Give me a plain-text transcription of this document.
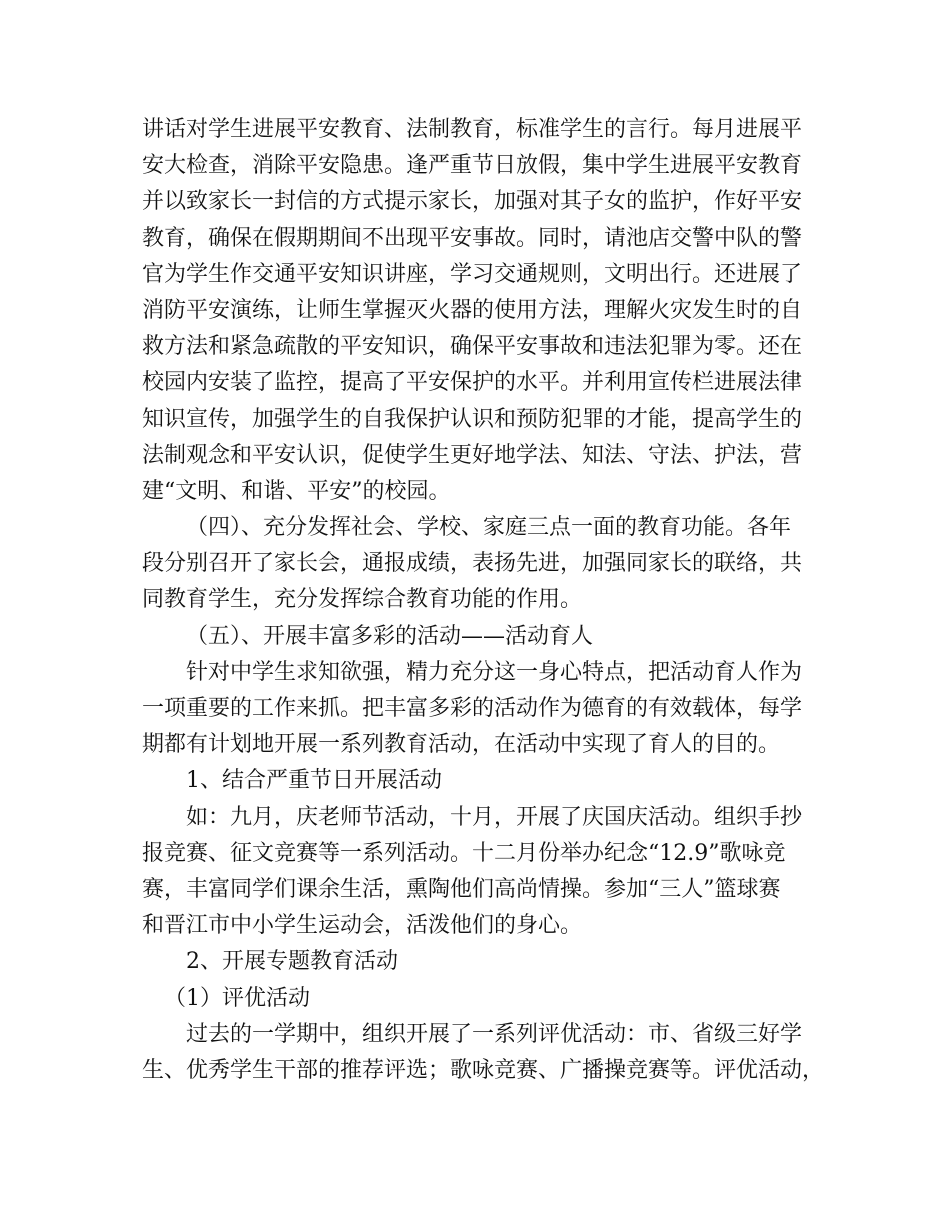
讲话对学生进展平安教育、法制教育，标准学生的言行。每月进展平
安大检查，消除平安隐患。逢严重节日放假，集中学生进展平安教育
并以致家长一封信的方式提示家长，加强对其子女的监护，作好平安
教育，确保在假期期间不出现平安事故。同时，请池店交警中队的警
官为学生作交通平安知识讲座，学习交通规则，文明出行。还进展了
消防平安演练，让师生掌握灭火器的使用方法，理解火灾发生时的自
救方法和紧急疏散的平安知识，确保平安事故和违法犯罪为零。还在
校园内安装了监控，提高了平安保护的水平。并利用宣传栏进展法律
知识宣传，加强学生的自我保护认识和预防犯罪的才能，提高学生的
法制观念和平安认识，促使学生更好地学法、知法、守法、护法，营
建“文明、和谐、平安”的校园。
（四）、充分发挥社会、学校、家庭三点一面的教育功能。各年
段分别召开了家长会，通报成绩，表扬先进，加强同家长的联络，共
同教育学生，充分发挥综合教育功能的作用。
（五）、开展丰富多彩的活动——活动育人
针对中学生求知欲强，精力充分这一身心特点，把活动育人作为
一项重要的工作来抓。把丰富多彩的活动作为德育的有效载体，每学
期都有计划地开展一系列教育活动，在活动中实现了育人的目的。
1、结合严重节日开展活动
如：九月，庆老师节活动，十月，开展了庆国庆活动。组织手抄
报竞赛、征文竞赛等一系列活动。十二月份举办纪念“12.9”歌咏竞
赛，丰富同学们课余生活，熏陶他们高尚情操。参加“三人”篮球赛
和晋江市中小学生运动会，活泼他们的身心。
2、开展专题教育活动
（1）评优活动
过去的一学期中，组织开展了一系列评优活动：市、省级三好学
生、优秀学生干部的推荐评选；歌咏竞赛、广播操竞赛等。评优活动，
